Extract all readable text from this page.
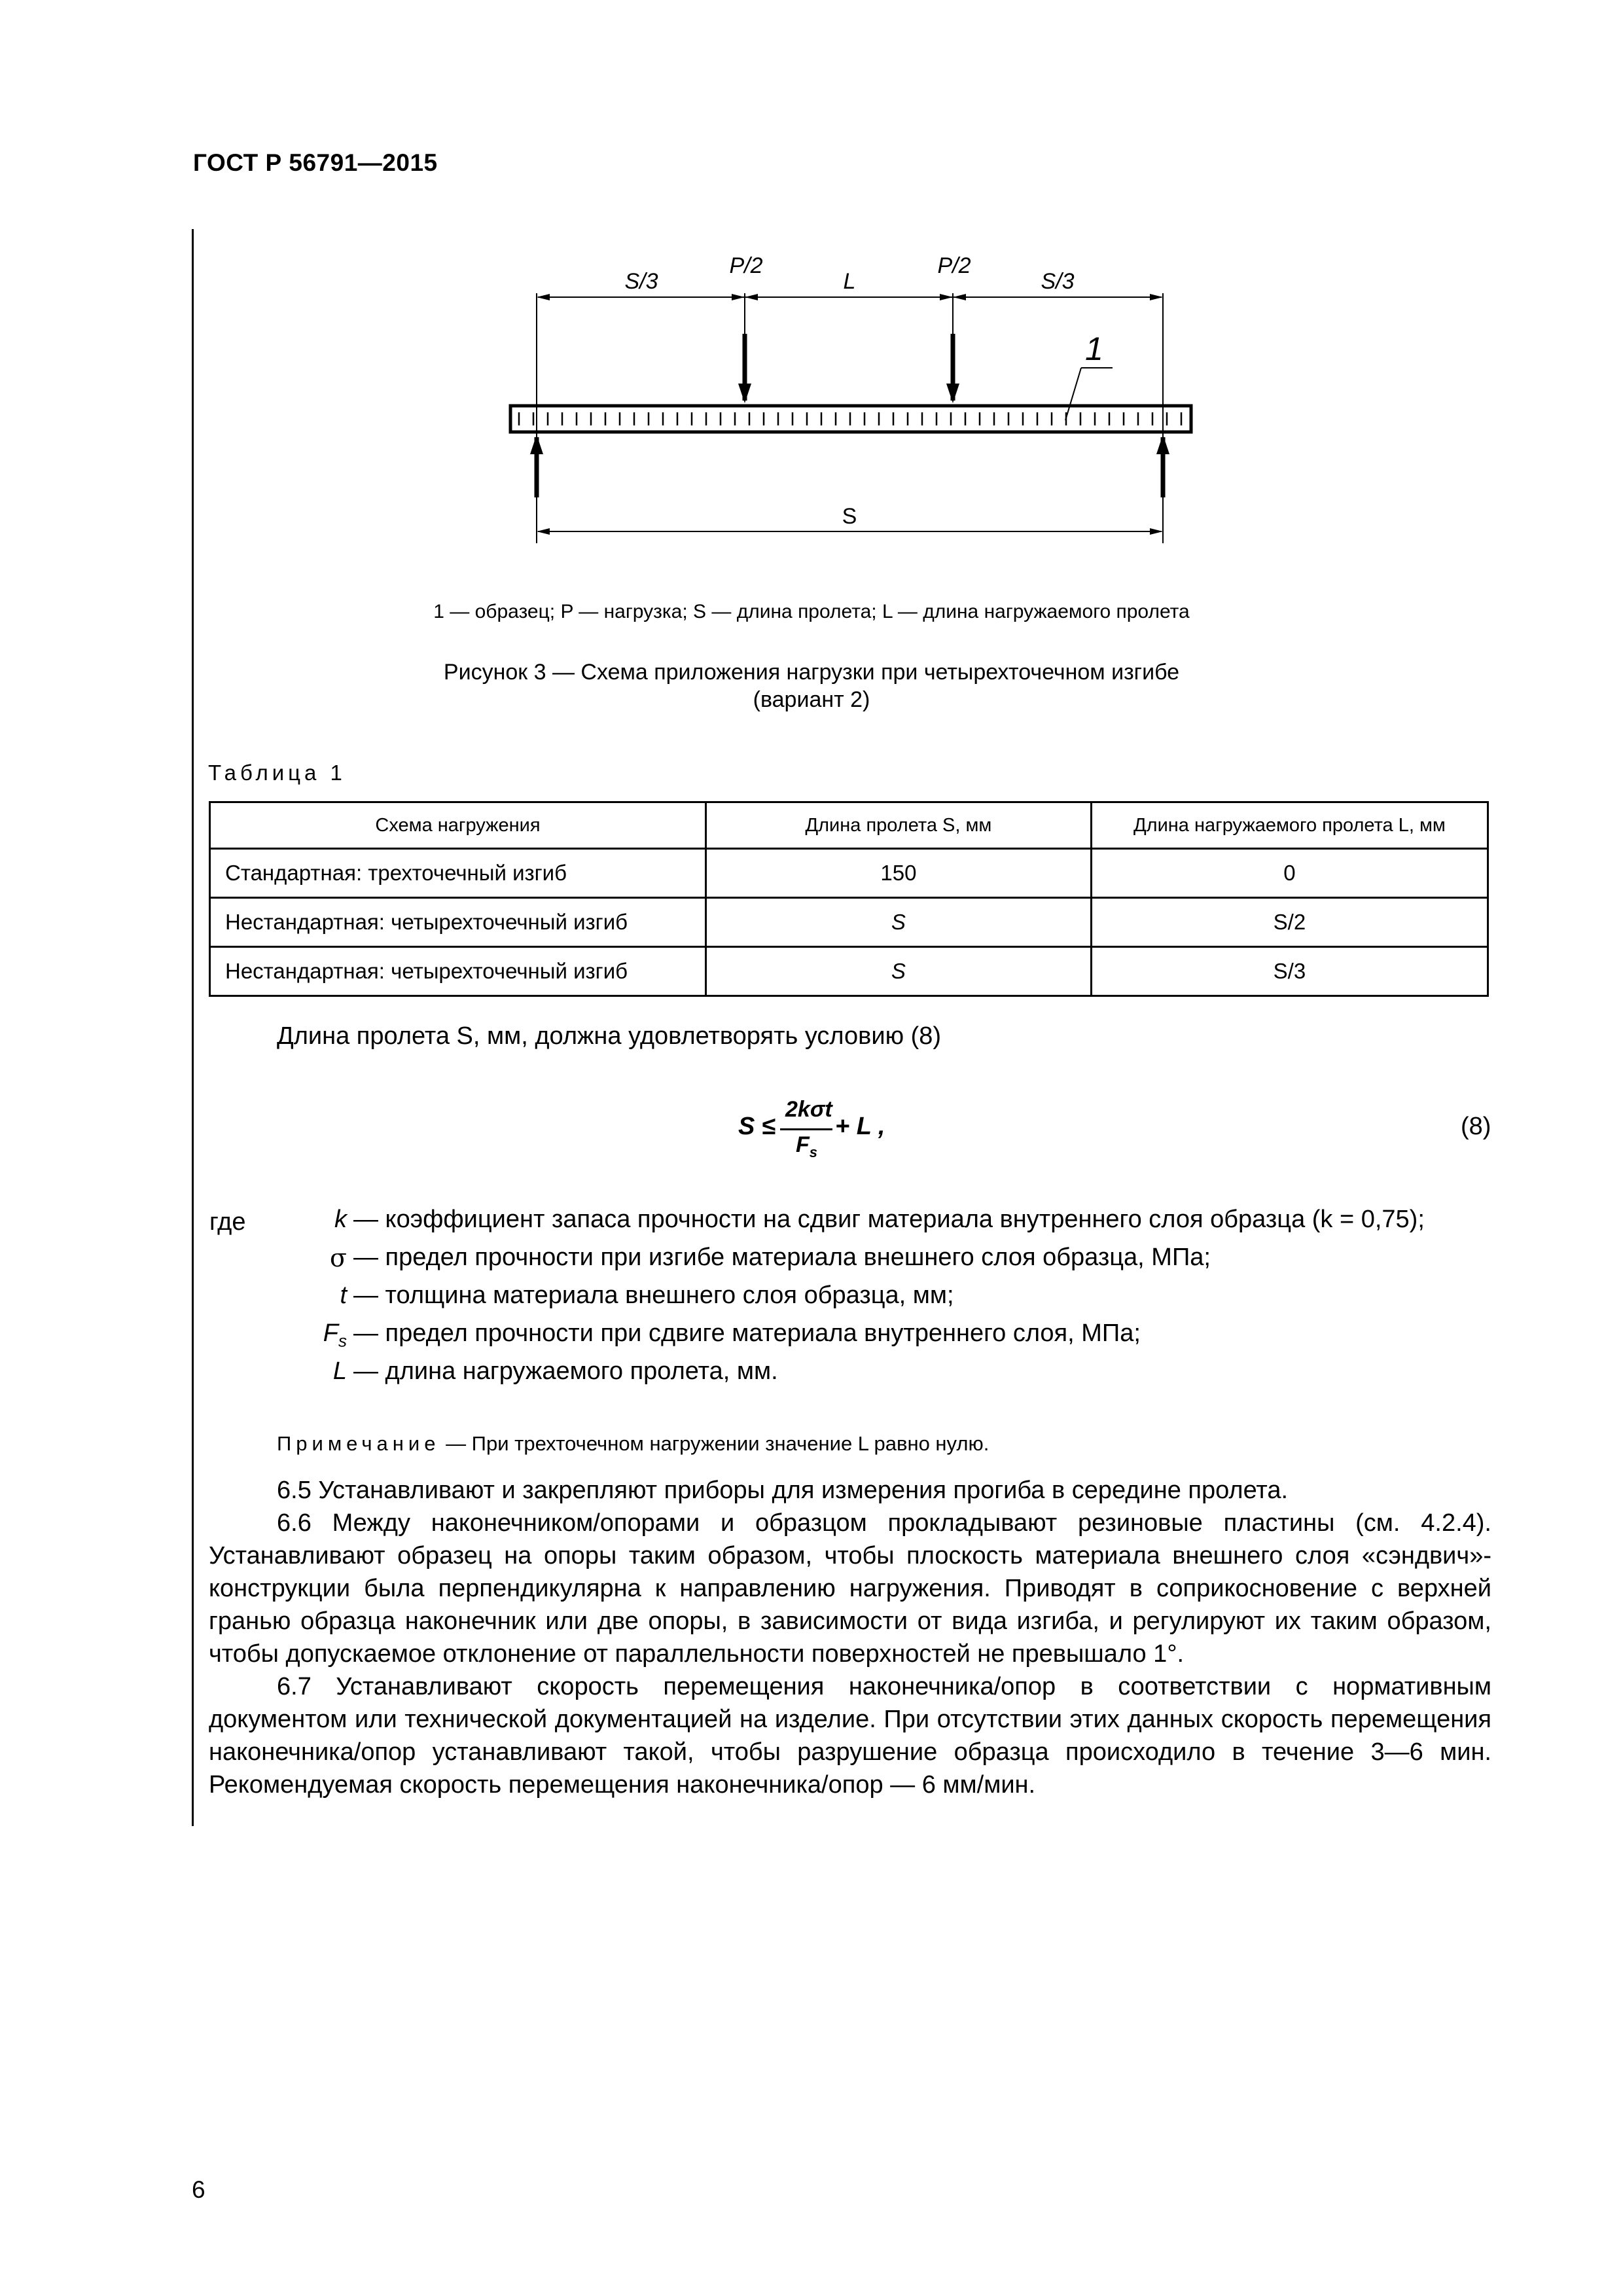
ГОСТ Р 56791—2015
S/3
P/2
L
P/2
S/3
1
S
1 — образец; P — нагрузка; S — длина пролета; L — длина нагружаемого пролета
Рисунок 3 — Схема приложения нагрузки при четырехточечном изгибе
(вариант 2)
Таблица 1
Схема нагружения	Длина пролета S, мм	Длина нагружаемого пролета L, мм
Стандартная: трехточечный изгиб	150	0
Нестандартная: четырехточечный изгиб	S	S/2
Нестандартная: четырехточечный изгиб	S	S/3
Длина пролета S, мм, должна удовлетворять условию (8)
S ≤
2kσt
$F_s$
+ L ,	(8)
где	k — коэффициент запаса прочности на сдвиг материала внутреннего слоя образца (k = 0,75);
σ — предел прочности при изгибе материала внешнего слоя образца, МПа;
t — толщина материала внешнего слоя образца, мм;
$F_s$ — предел прочности при сдвиге материала внутреннего слоя, МПа;
L — длина нагружаемого пролета, мм.
Примечание — При трехточечном нагружении значение L равно нулю.
6.5 Устанавливают и закрепляют приборы для измерения прогиба в середине пролета.
6.6 Между наконечником/опорами и образцом прокладывают резиновые пластины (см. 4.2.4). Устанавливают образец на опоры таким образом, чтобы плоскость материала внешнего слоя «сэндвич»-конструкции была перпендикулярна к направлению нагружения. Приводят в соприкосновение с верхней гранью образца наконечник или две опоры, в зависимости от вида изгиба, и регулируют их таким образом, чтобы допускаемое отклонение от параллельности поверхностей не превышало 1°.
6.7 Устанавливают скорость перемещения наконечника/опор в соответствии с нормативным документом или технической документацией на изделие. При отсутствии этих данных скорость перемещения наконечника/опор устанавливают такой, чтобы разрушение образца происходило в течение 3—6 мин. Рекомендуемая скорость перемещения наконечника/опор — 6 мм/мин.
6
